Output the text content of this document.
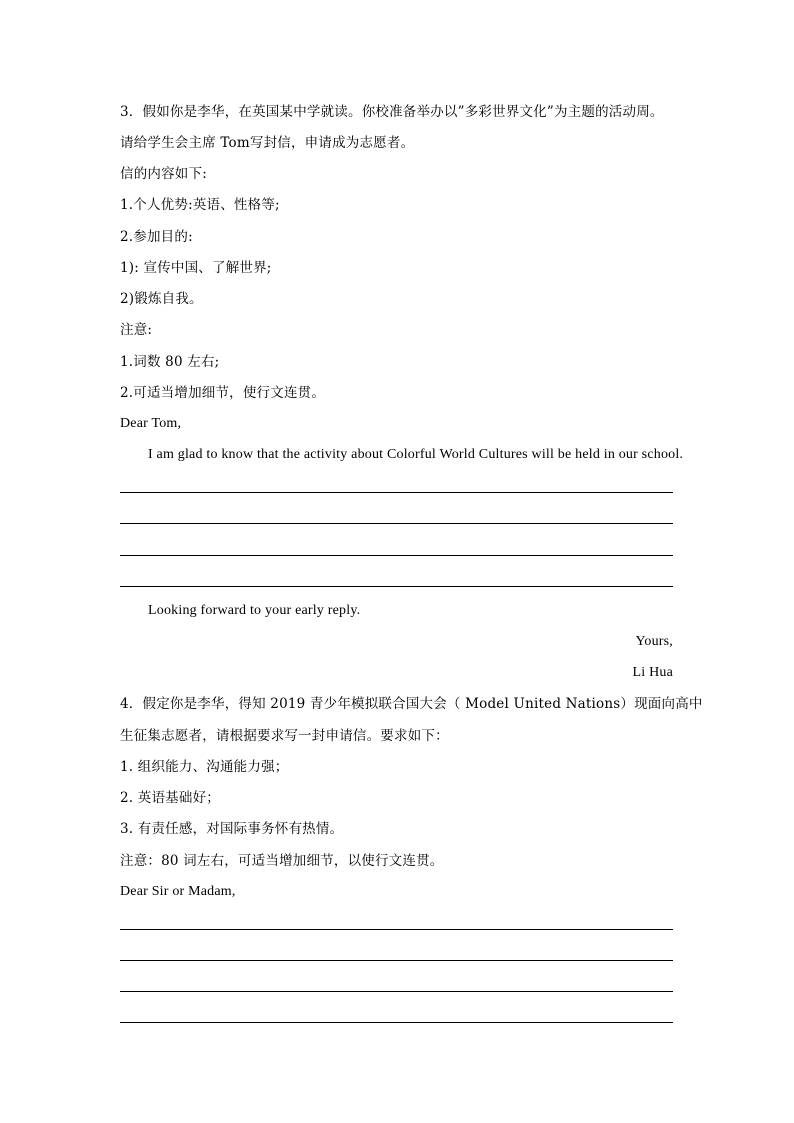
3．假如你是李华，在英国某中学就读。你校准备举办以”多彩世界文化”为主题的活动周。
请给学生会主席 Tom写封信，申请成为志愿者。
信的内容如下:
1.个人优势:英语、性格等;
2.参加目的:
1): 宣传中国、了解世界;
2)锻炼自我。
注意:
1.词数 80 左右;
2.可适当增加细节，使行文连贯。
Dear Tom,
I am glad to know that the activity about Colorful World Cultures will be held in our school.
Looking forward to your early reply.
Yours,
Li Hua
4．假定你是李华，得知 2019 青少年模拟联合国大会（ Model United Nations）现面向高中
生征集志愿者，请根据要求写一封申请信。要求如下：
1. 组织能力、沟通能力强；
2. 英语基础好；
3. 有责任感，对国际事务怀有热情。
注意：80 词左右，可适当增加细节，以使行文连贯。
Dear Sir or Madam,
